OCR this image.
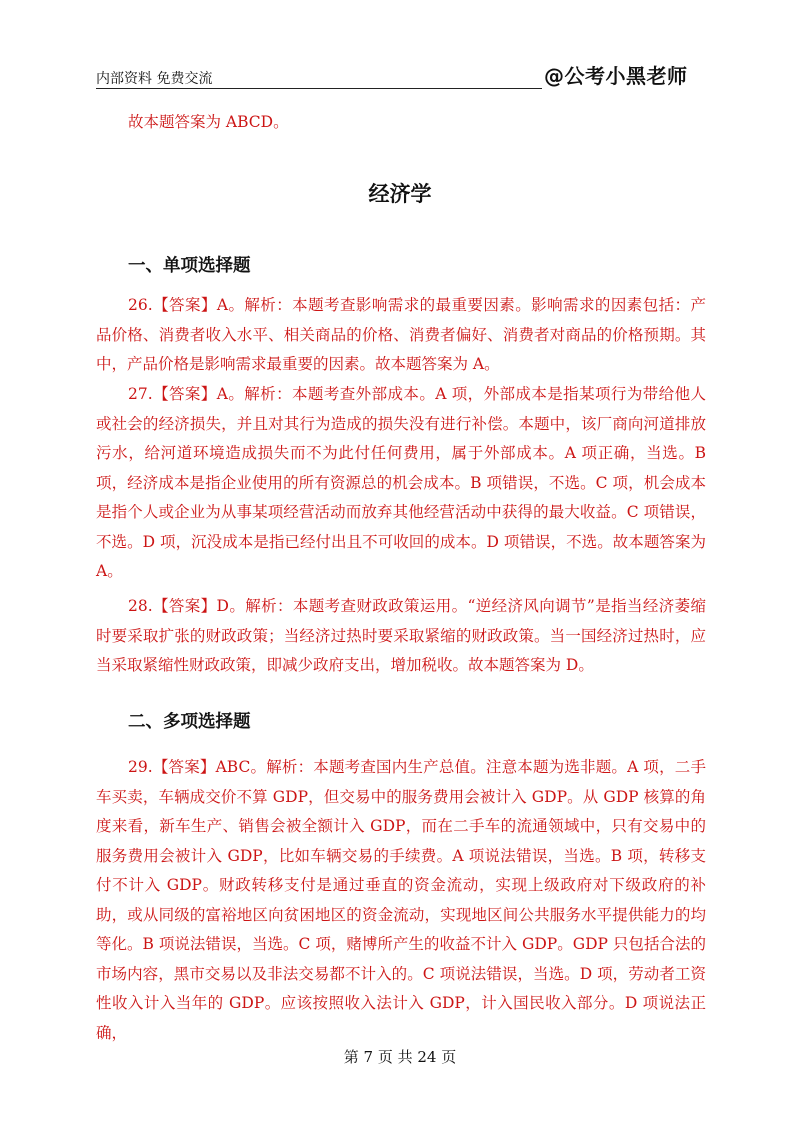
内部资料 免费交流	@公考小黑老师

故本题答案为 ABCD。

经济学
一、单项选择题

26.【答案】A。解析：本题考查影响需求的最重要因素。影响需求的因素包括：产品价格、消费者收入水平、相关商品的价格、消费者偏好、消费者对商品的价格预期。其中，产品价格是影响需求最重要的因素。故本题答案为 A。

27.【答案】A。解析：本题考查外部成本。A 项，外部成本是指某项行为带给他人或社会的经济损失，并且对其行为造成的损失没有进行补偿。本题中，该厂商向河道排放污水，给河道环境造成损失而不为此付任何费用，属于外部成本。A 项正确，当选。B 项，经济成本是指企业使用的所有资源总的机会成本。B 项错误，不选。C 项，机会成本是指个人或企业为从事某项经营活动而放弃其他经营活动中获得的最大收益。C 项错误，不选。D 项，沉没成本是指已经付出且不可收回的成本。D 项错误，不选。故本题答案为 A。

28.【答案】D。解析：本题考查财政政策运用。“逆经济风向调节”是指当经济萎缩时要采取扩张的财政政策；当经济过热时要采取紧缩的财政政策。当一国经济过热时，应当采取紧缩性财政政策，即减少政府支出，增加税收。故本题答案为 D。

二、多项选择题

29.【答案】ABC。解析：本题考查国内生产总值。注意本题为选非题。A 项，二手车买卖，车辆成交价不算 GDP，但交易中的服务费用会被计入 GDP。从 GDP 核算的角度来看，新车生产、销售会被全额计入 GDP，而在二手车的流通领域中，只有交易中的服务费用会被计入 GDP，比如车辆交易的手续费。A 项说法错误，当选。B 项，转移支付不计入 GDP。财政转移支付是通过垂直的资金流动，实现上级政府对下级政府的补助，或从同级的富裕地区向贫困地区的资金流动，实现地区间公共服务水平提供能力的均等化。B 项说法错误，当选。C 项，赌博所产生的收益不计入 GDP。GDP 只包括合法的市场内容，黑市交易以及非法交易都不计入的。C 项说法错误，当选。D 项，劳动者工资性收入计入当年的 GDP。应该按照收入法计入 GDP，计入国民收入部分。D 项说法正确，

第 7 页 共 24 页
